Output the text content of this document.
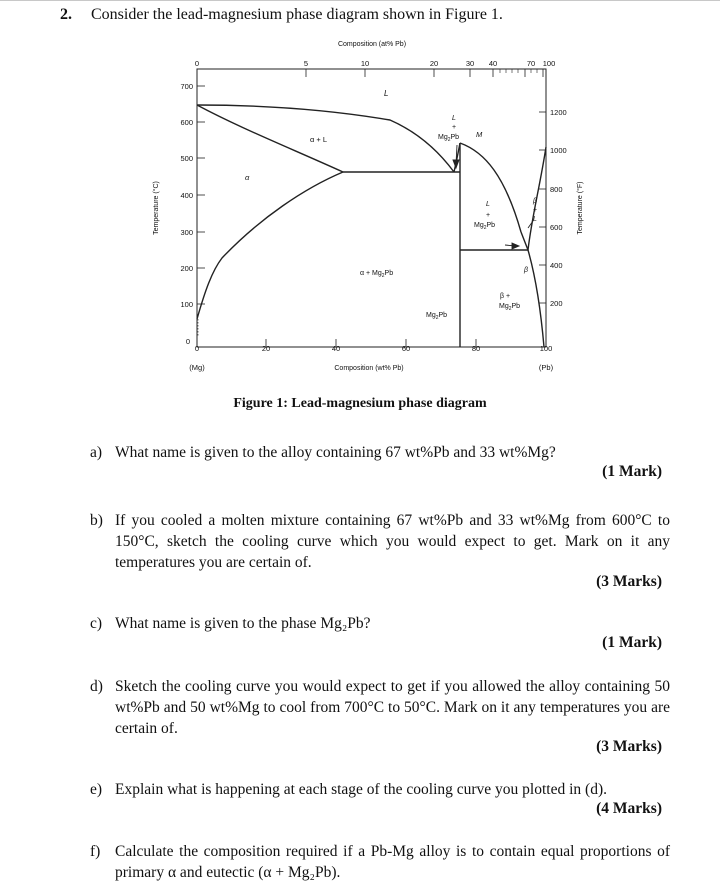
2. Consider the lead-magnesium phase diagram shown in Figure 1.
Composition (at% Pb)
0	5	10	20	30 40	70 100
Temperature (°C)
700
600
500
400
300
200
100
0
Temperature (°F)
1200
1000
800
600
400
200
0	20	40	60	80	100
(Mg)	(Pb)
Composition (wt% Pb)
L
α
α + L
L
+
$Mg_2Pb$ M
L
+
$Mg_2Pb$
β
+
L
β
$\alpha + Mg_2Pb$
β +
$Mg_2Pb$
$Mg_2Pb$
Figure 1: Lead-magnesium phase diagram
a) What name is given to the alloy containing 67 wt%Pb and 33 wt%Mg?
(1 Mark)
b) If you cooled a molten mixture containing 67 wt%Pb and 33 wt%Mg from 600°C to 150°C, sketch the cooling curve which you would expect to get. Mark on it any temperatures you are certain of.
(3 Marks)
c) What name is given to the phase Mg₂Pb?
(1 Mark)
d) Sketch the cooling curve you would expect to get if you allowed the alloy containing 50 wt%Pb and 50 wt%Mg to cool from 700°C to 50°C. Mark on it any temperatures you are certain of.
(3 Marks)
e) Explain what is happening at each stage of the cooling curve you plotted in (d).
(4 Marks)
f) Calculate the composition required if a Pb-Mg alloy is to contain equal proportions of primary α and eutectic (α + Mg₂Pb).
